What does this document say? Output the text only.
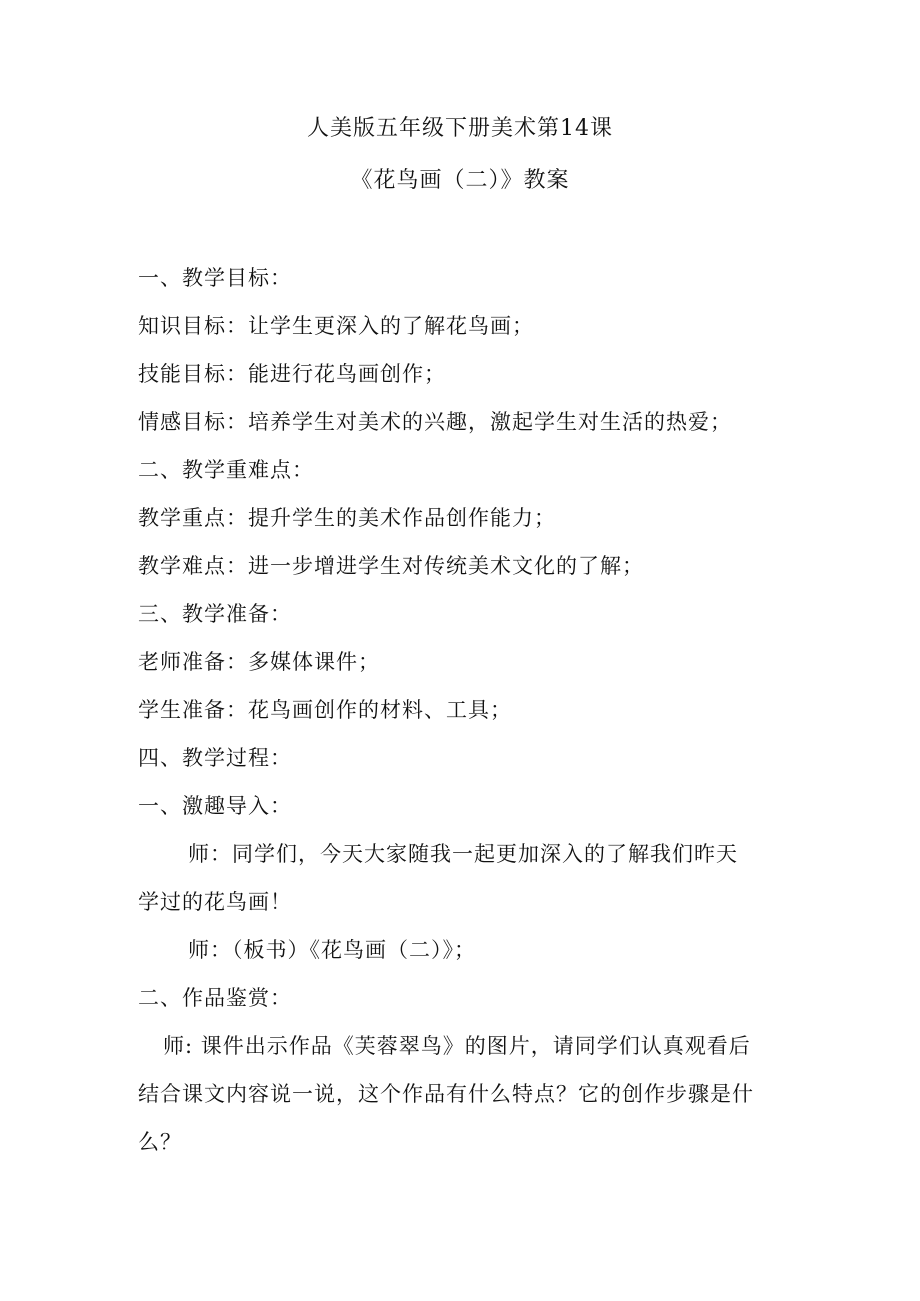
人美版五年级下册美术第14课
《花鸟画（二）》教案
一、教学目标：
知识目标：让学生更深入的了解花鸟画；
技能目标：能进行花鸟画创作；
情感目标：培养学生对美术的兴趣，激起学生对生活的热爱；
二、教学重难点：
教学重点：提升学生的美术作品创作能力；
教学难点：进一步增进学生对传统美术文化的了解；
三、教学准备：
老师准备：多媒体课件；
学生准备：花鸟画创作的材料、工具；
四、教学过程：
一、激趣导入：
师：同学们，今天大家随我一起更加深入的了解我们昨天
学过的花鸟画！
师：（板书）《花鸟画（二）》；
二、作品鉴赏：
师: 课件出示作品《芙蓉翠鸟》的图片，请同学们认真观看后
结合课文内容说一说，这个作品有什么特点？它的创作步骤是什
么？
